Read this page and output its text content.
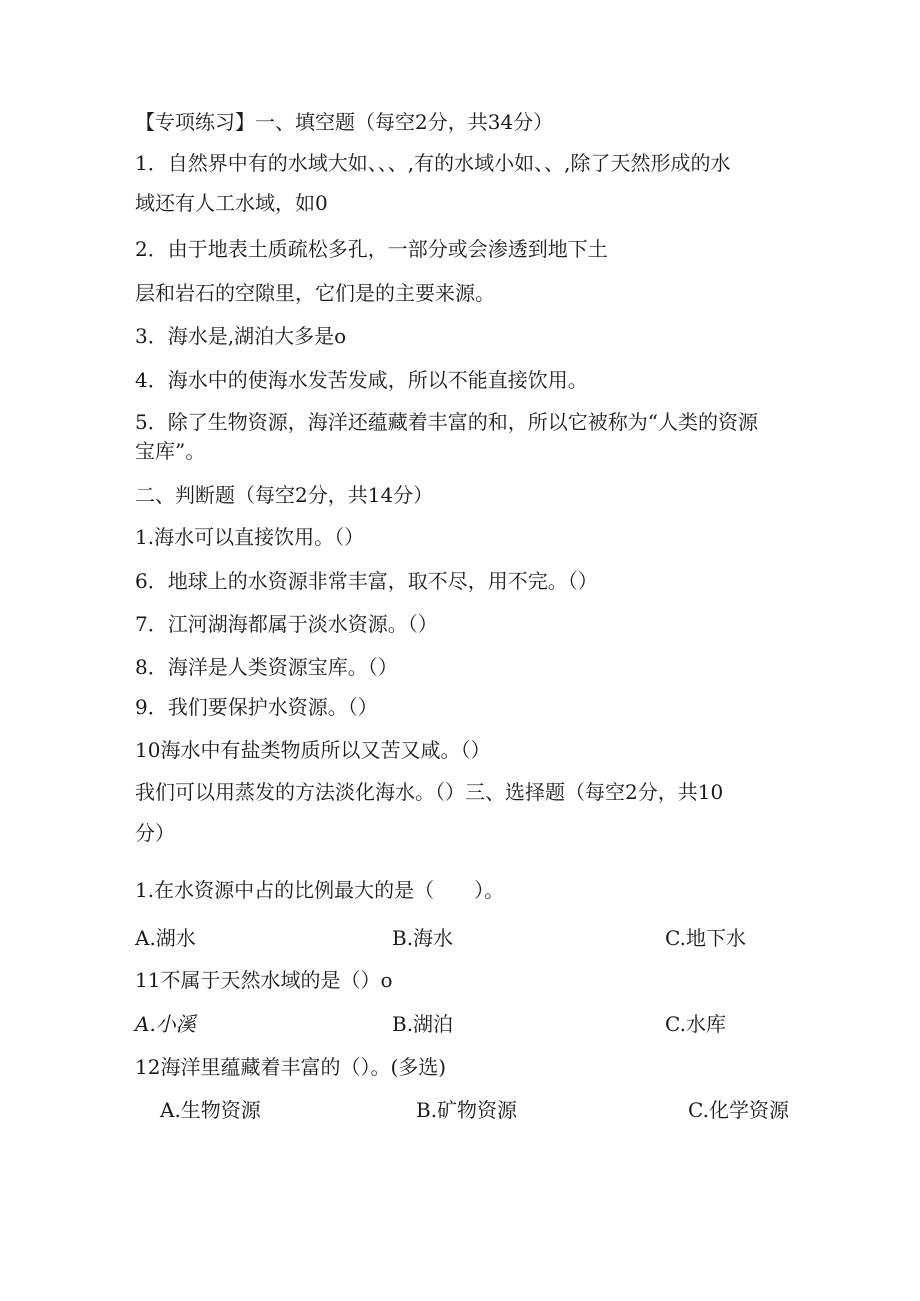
【专项练习】一、填空题（每空2分，共34分）

1．自然界中有的水域大如、、、,有的水域小如、、,除了天然形成的水

域还有人工水域，如0

2．由于地表土质疏松多孔，一部分或会渗透到地下土

层和岩石的空隙里，它们是的主要来源。

3．海水是,湖泊大多是o

4．海水中的使海水发苦发咸，所以不能直接饮用。

5．除了生物资源，海洋还蕴藏着丰富的和，所以它被称为“人类的资源

宝库”。

二、判断题（每空2分，共14分）

1.海水可以直接饮用。（）

6．地球上的水资源非常丰富，取不尽，用不完。（）

7．江河湖海都属于淡水资源。（）

8．海洋是人类资源宝库。（）

9．我们要保护水资源。（）

10海水中有盐类物质所以又苦又咸。（）

我们可以用蒸发的方法淡化海水。（）三、选择题（每空2分，共10

分）

1.在水资源中占的比例最大的是（　　）。

A.湖水	B.海水	C.地下水

11不属于天然水域的是（）o

A.小溪	B.湖泊	C.水库

12海洋里蕴藏着丰富的（）。(多选)

A.生物资源	B.矿物资源	C.化学资源
